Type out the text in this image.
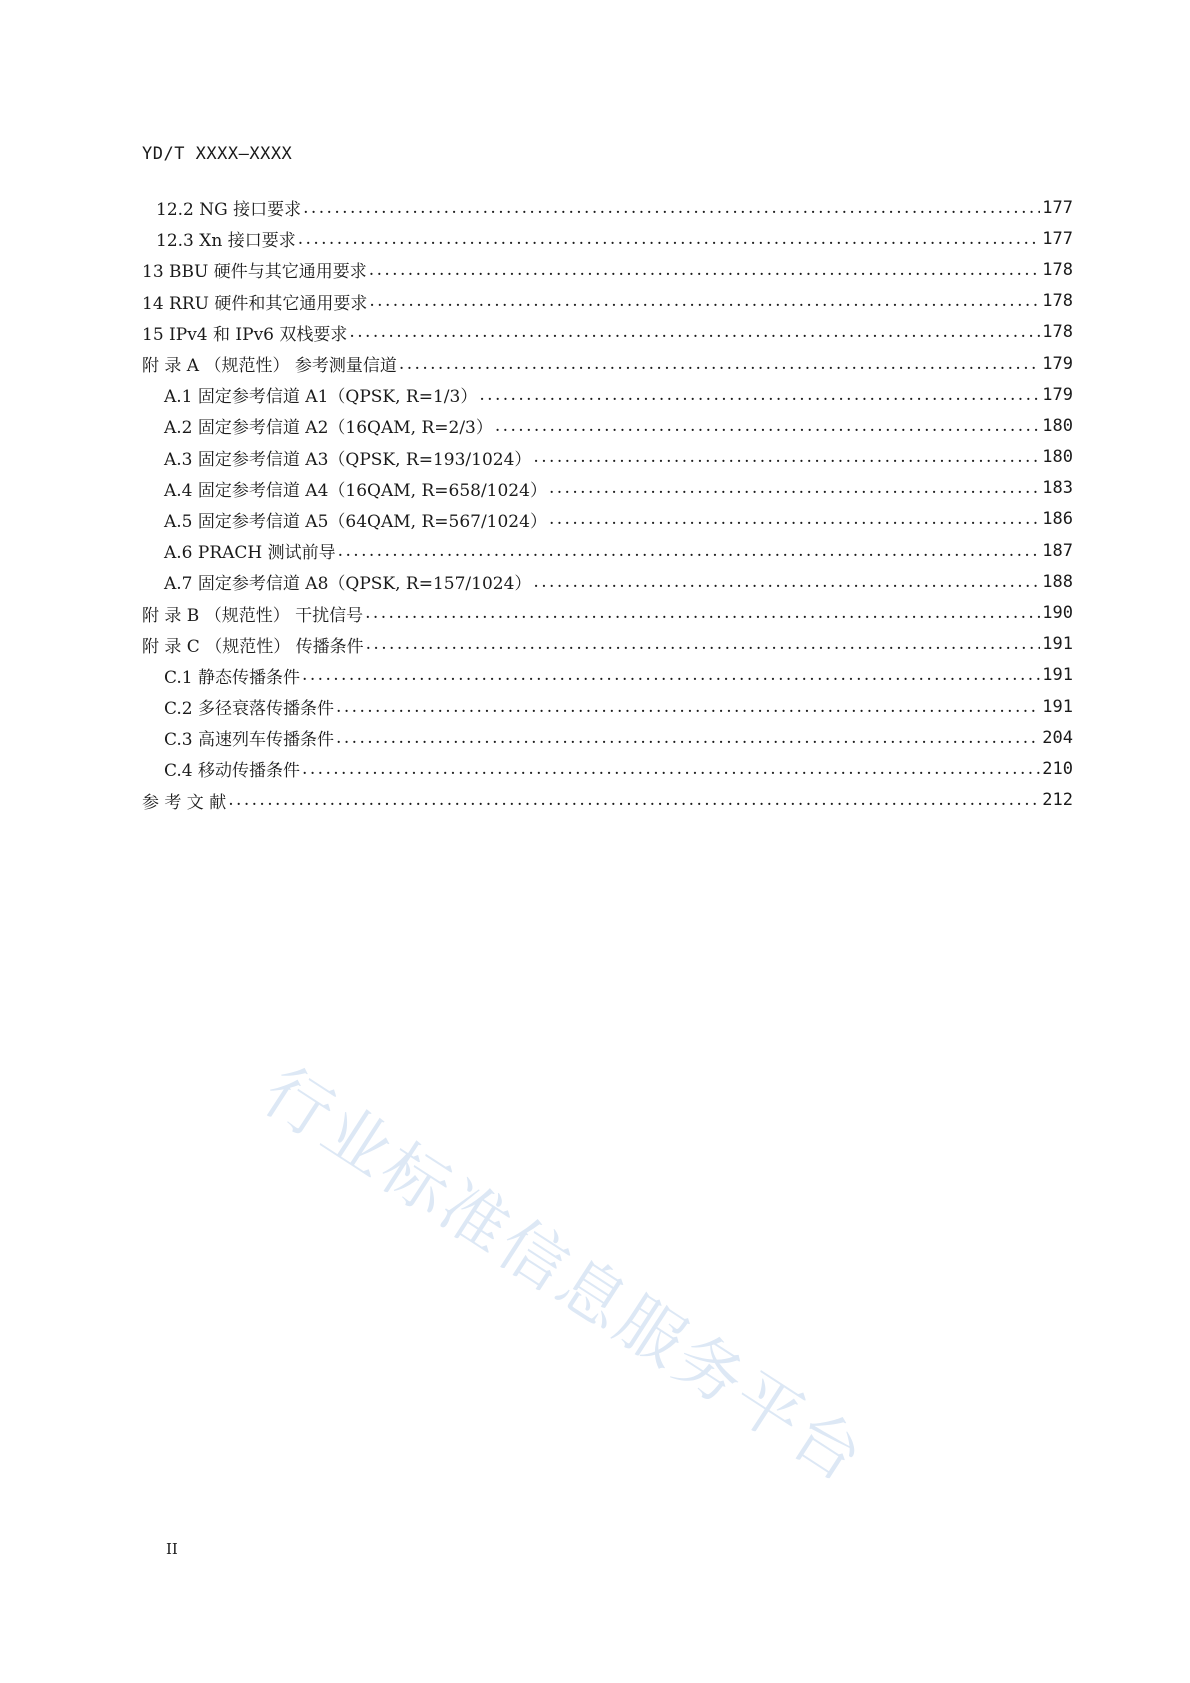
YD/T XXXX—XXXX
12.2 NG 接口要求 .....	177
12.3 Xn 接口要求 .....	177
13 BBU 硬件与其它通用要求 .....	178
14 RRU 硬件和其它通用要求 .....	178
15 IPv4 和 IPv6 双栈要求 .....	178
附 录 A （规范性） 参考测量信道 .....	179
A.1 固定参考信道 A1（QPSK, R=1/3） .....	179
A.2 固定参考信道 A2（16QAM, R=2/3） .....	180
A.3 固定参考信道 A3（QPSK, R=193/1024） .....	180
A.4 固定参考信道 A4（16QAM, R=658/1024） .....	183
A.5 固定参考信道 A5（64QAM, R=567/1024） .....	186
A.6 PRACH 测试前导 .....	187
A.7 固定参考信道 A8（QPSK, R=157/1024） .....	188
附 录 B （规范性） 干扰信号 .....	190
附 录 C （规范性） 传播条件 .....	191
C.1 静态传播条件 .....	191
C.2 多径衰落传播条件 .....	191
C.3 高速列车传播条件 .....	204
C.4 移动传播条件 .....	210
参 考 文 献 .....	212
行业标准信息服务平台
II
